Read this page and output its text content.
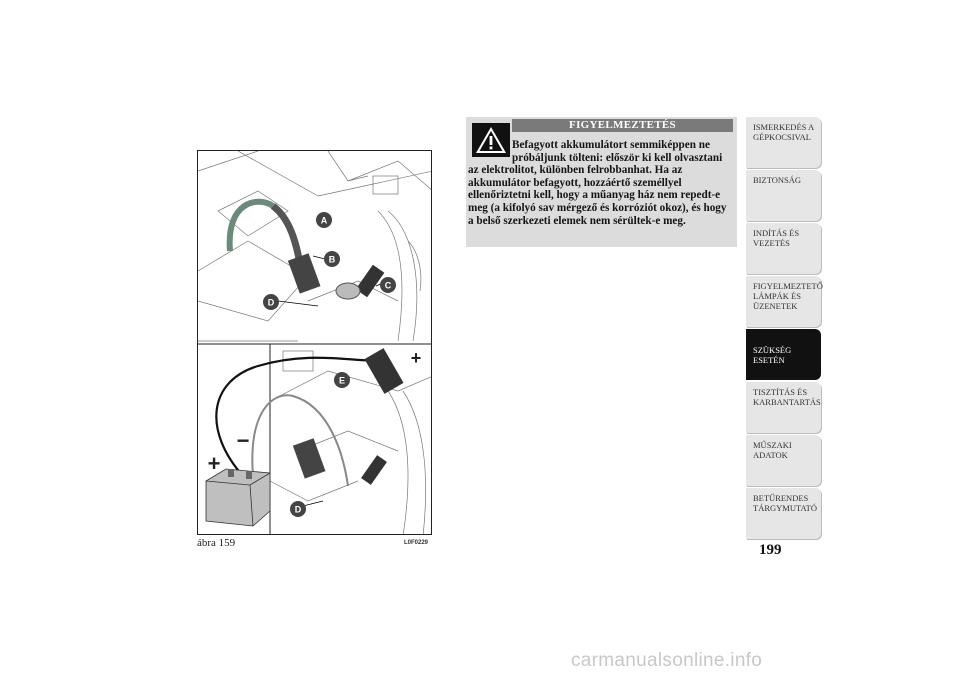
A
B
C
D
E
D
+
−
+
ábra 159	L0F0229
FIGYELMEZTETÉS
Befagyott akkumulátort semmiképpen ne próbáljunk tölteni: először ki kell olvasztani az elektrolitot, különben felrobbanhat. Ha az akkumulátor befagyott, hozzáértő személlyel ellenőriztetni kell, hogy a műanyag ház nem repedt-e meg (a kifolyó sav mérgező és korróziót okoz), és hogy a belső szerkezeti elemek nem sérültek-e meg.
ISMERKEDÉS A GÉPKOCSIVAL
BIZTONSÁG
INDÍTÁS ÉS VEZETÉS
FIGYELMEZTETŐ LÁMPÁK ÉS ÜZENETEK
SZÜKSÉG ESETÉN
TISZTÍTÁS ÉS KARBANTARTÁS
MŰSZAKI ADATOK
BETŰRENDES TÁRGYMUTATÓ
199
carmanualsonline.info
